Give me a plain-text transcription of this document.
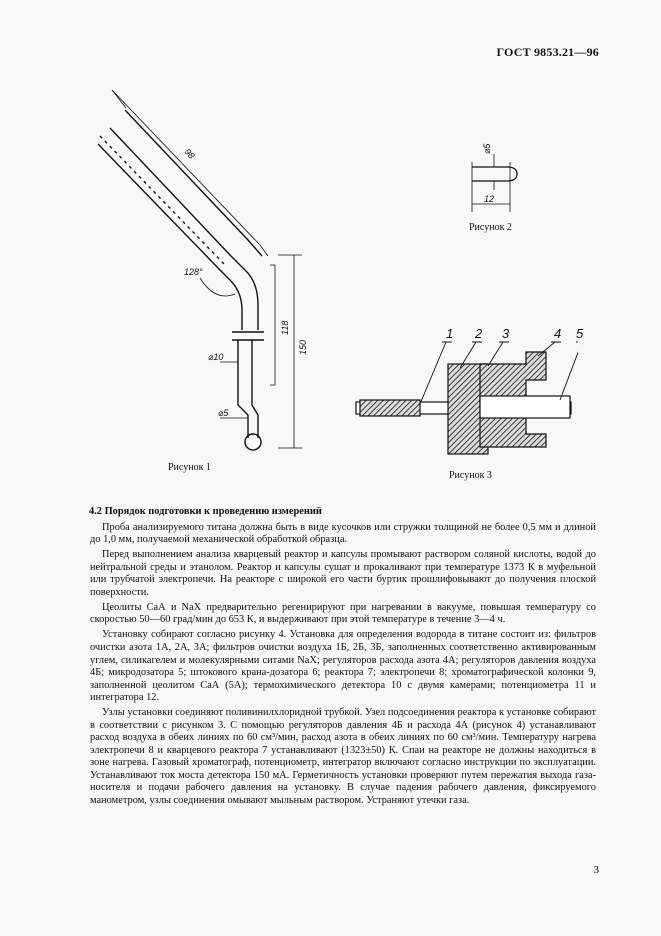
ГОСТ 9853.21—96
98
128°
118
150
⌀10
⌀5
Рисунок 1
⌀5
12
Рисунок 2
1 2 3	4 5
Рисунок 3
4.2 Порядок подготовки к проведению измерений

Проба анализируемого титана должна быть в виде кусочков или стружки толщиной не более 0,5 мм и длиной до 1,0 мм, получаемой механической обработкой образца.

Перед выполнением анализа кварцевый реактор и капсулы промывают раствором соляной кислоты, водой до нейтральной среды и этанолом. Реактор и капсулы сушат и прокаливают при температуре 1373 К в муфельной или трубчатой электропечи. На реакторе с широкой его части буртик прошлифовывают до получения плоской поверхности.

Цеолиты СаА и NaX предварительно регенирируют при нагревании в вакууме, повышая температуру со скоростью 50—60 град/мин до 653 К, и выдерживают при этой температуре в течение 3—4 ч.

Установку собирают согласно рисунку 4. Установка для определения водорода в титане состоит из: фильтров очистки азота 1А, 2А, 3А; фильтров очистки воздуха 1Б, 2Б, 3Б, заполненных соответственно активированным углем, силикагелем и молекулярными ситами NaX; регуляторов расхода азота 4А; регуляторов давления воздуха 4Б; микродозатора 5; штокового крана-дозатора 6; реактора 7; электропечи 8; хроматографической колонки 9, заполненной цеолитом СаА (5А); термохимического детектора 10 с двумя камерами; потенциометра 11 и интегратора 12.

Узлы установки соединяют поливинилхлоридной трубкой. Узел подсоединения реактора к установке собирают в соответствии с рисунком 3. С помощью регуляторов давления 4Б и расхода 4А (рисунок 4) устанавливают расход воздуха в обеих линиях по 60 см³/мин, расход азота в обеих линиях по 60 см³/мин. Температуру нагрева электропечи 8 и кварцевого реактора 7 устанавливают (1323±50) К. Спаи на реакторе не должны находиться в зоне нагрева. Газовый хроматограф, потенциометр, интегратор включают согласно инструкции по эксплуатации. Устанавливают ток моста детектора 150 мА. Герметичность установки проверяют путем пережатия выхода газа-носителя и подачи рабочего давления на установку. В случае падения рабочего давления, фиксируемого манометром, узлы соединения омывают мыльным раствором. Устраняют утечки газа.

3
